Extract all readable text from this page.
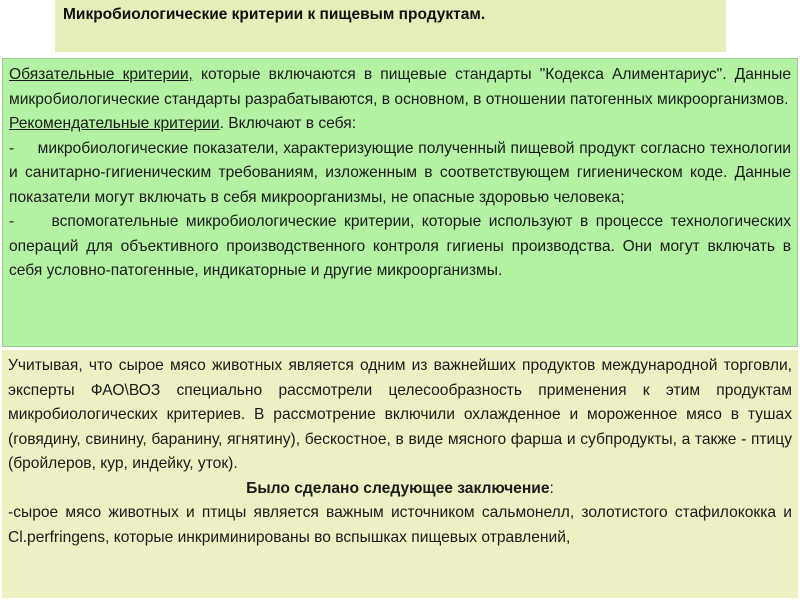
Микробиологические критерии к пищевым продуктам.

Обязательные критерии, которые включаются в пищевые стандарты "Кодекса Алиментариус". Данные микробиологические стандарты разрабатываются, в основном, в отношении патогенных микроорганизмов.

Рекомендательные критерии. Включают в себя:

-     микробиологические показатели, характеризующие полученный пищевой продукт согласно технологии и санитарно-гигиеническим требованиям, изложенным в соответствующем гигиеническом коде. Данные показатели могут включать в себя микроорганизмы, не опасные здоровью человека;

-     вспомогательные микробиологические критерии, которые используют в процессе технологических операций для объективного производственного контроля гигиены производства. Они могут включать в себя условно-патогенные, индикаторные и другие микроорганизмы.

Учитывая, что сырое мясо животных является одним из важнейших продуктов международной торговли, эксперты ФАО\ВОЗ специально рассмотрели целесообразность применения к этим продуктам микробиологических критериев. В рассмотрение включили охлажденное и мороженное мясо в тушах (говядину, свинину, баранину, ягнятину), бескостное, в виде мясного фарша и субпродукты, а также - птицу (бройлеров, кур, индейку, уток).

Было сделано следующее заключение:

-сырое мясо животных и птицы является важным источником сальмонелл, золотистого стафилококка и Cl.perfringens, которые инкриминированы во вспышках пищевых отравлений,
